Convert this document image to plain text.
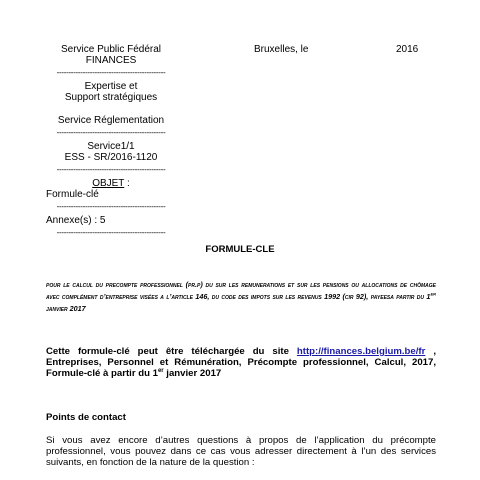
Service Public Fédéral
FINANCES
----------------------------------------------
Expertise et
Support stratégiques
Service Réglementation
----------------------------------------------
Service1/1
ESS - SR/2016-1120
----------------------------------------------
OBJET :
Formule-clé
----------------------------------------------
Annexe(s) : 5
----------------------------------------------
Bruxelles, le	2016
FORMULE-CLE
pour le calcul du precompte professionnel (pr.p) du sur les remunerations et sur les pensions ou allocations de chômage avec complément d’entreprise visées a l’article 146, du code des impots sur les revenus 1992 (cir 92), payeesa partir du 1er janvier 2017
Cette formule-clé peut être téléchargée du site http://finances.belgium.be/fr , Entreprises, Personnel et Rémunération, Précompte professionnel, Calcul, 2017, Formule-clé à partir du 1er janvier 2017
Points de contact
Si vous avez encore d’autres questions à propos de l’application du précompte professionnel, vous pouvez dans ce cas vous adresser directement à l’un des services suivants, en fonction de la nature de la question :
